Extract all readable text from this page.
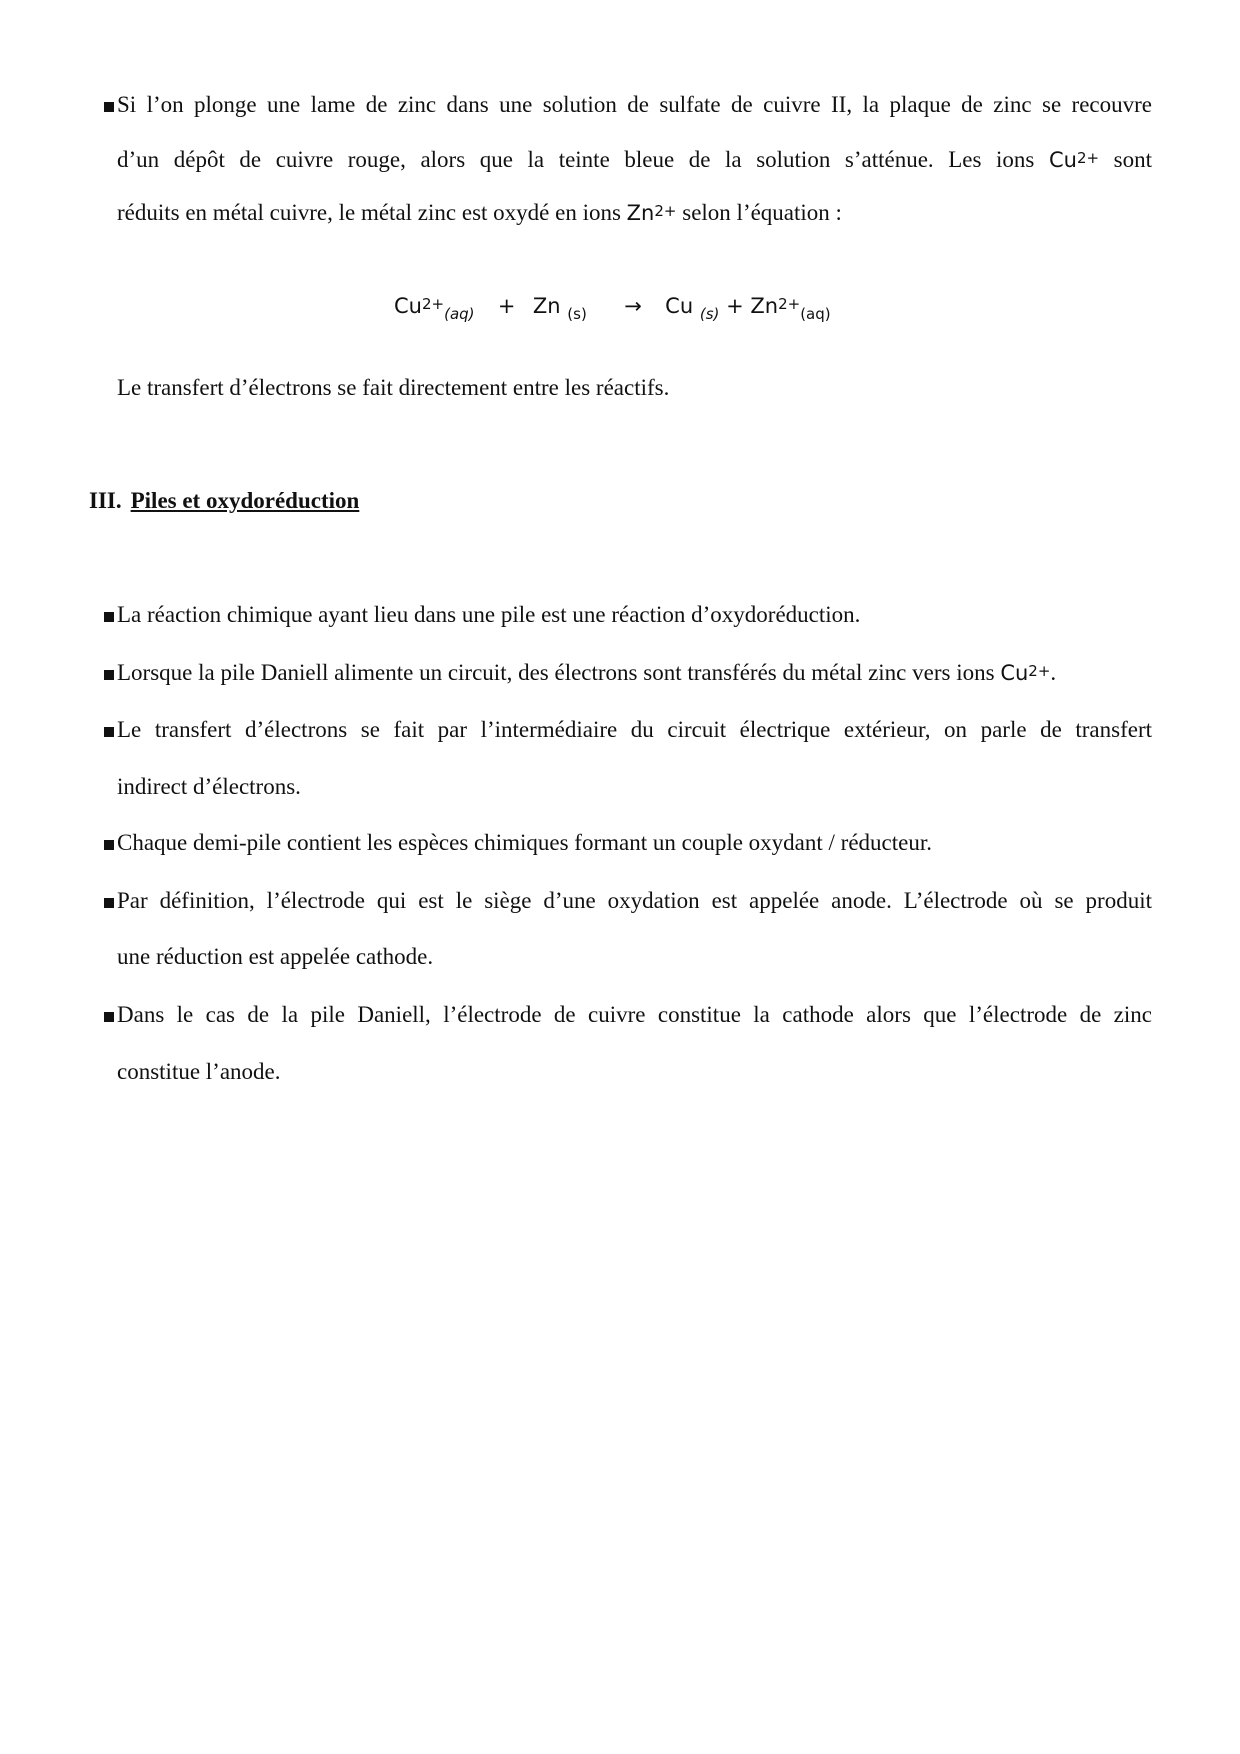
Si l’on plonge une lame de zinc dans une solution de sulfate de cuivre II, la plaque de zinc se recouvre
d’un dépôt de cuivre rouge, alors que la teinte bleue de la solution s’atténue. Les ions $Cu^{2+}$ sont
réduits en métal cuivre, le métal zinc est oxydé en ions $Zn^{2+}$ selon l’équation :
$Cu^{2+}_{(aq)} + Zn$ $_{(s)}$ → Cu $_{(s)} + Zn^{2+}_{(aq)}$
Le transfert d’électrons se fait directement entre les réactifs.
III. Piles et oxydoréduction
La réaction chimique ayant lieu dans une pile est une réaction d’oxydoréduction.
Lorsque la pile Daniell alimente un circuit, des électrons sont transférés du métal zinc vers ions $Cu^{2+}$.
Le transfert d’électrons se fait par l’intermédiaire du circuit électrique extérieur, on parle de transfert
indirect d’électrons.
Chaque demi-pile contient les espèces chimiques formant un couple oxydant / réducteur.
Par définition, l’électrode qui est le siège d’une oxydation est appelée anode. L’électrode où se produit
une réduction est appelée cathode.
Dans le cas de la pile Daniell, l’électrode de cuivre constitue la cathode alors que l’électrode de zinc
constitue l’anode.
